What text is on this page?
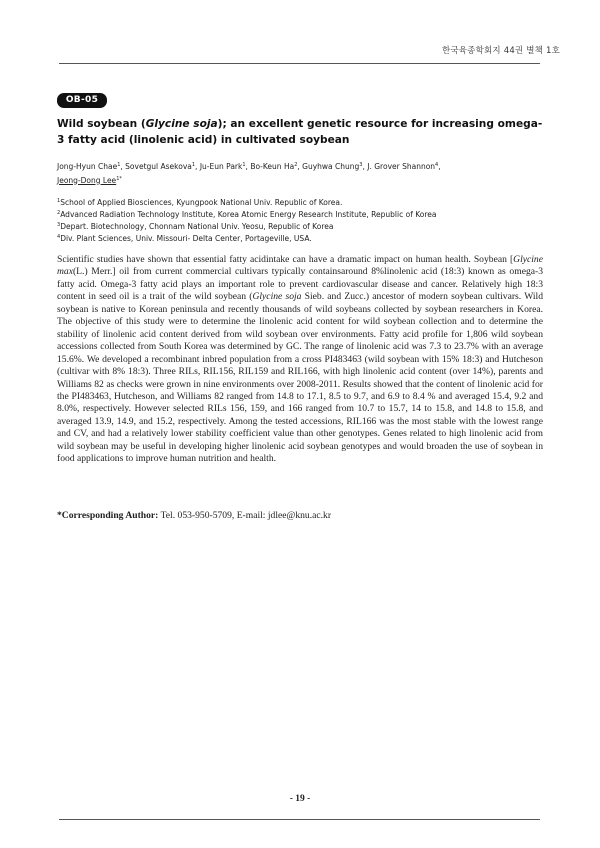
한국육종학회지 44권 별책 1호
OB-05
Wild soybean (Glycine soja); an excellent genetic resource for increasing omega-3 fatty acid (linolenic acid) in cultivated soybean
Jong-Hyun Chae$^1$, Sovetgul Asekova$^1$, Ju-Eun Park$^1$, Bo-Keun Ha$^2$, Guyhwa Chung$^3$, J. Grover Shannon$^4$,
Jeong-Dong Lee$^{1*}$
$^1$School of Applied Biosciences, Kyungpook National Univ. Republic of Korea.
$^2$Advanced Radiation Technology Institute, Korea Atomic Energy Research Institute, Republic of Korea
$^3$Depart. Biotechnology, Chonnam National Univ. Yeosu, Republic of Korea
$^4$Div. Plant Sciences, Univ. Missouri- Delta Center, Portageville, USA.

Scientific studies have shown that essential fatty acidintake can have a dramatic impact on human health. Soybean [Glycine max(L.) Merr.] oil from current commercial cultivars typically containsaround 8%linolenic acid (18:3) known as omega-3 fatty acid. Omega-3 fatty acid plays an important role to prevent cardiovascular disease and cancer. Relatively high 18:3 content in seed oil is a trait of the wild soybean (Glycine soja Sieb. and Zucc.) ancestor of modern soybean cultivars. Wild soybean is native to Korean peninsula and recently thousands of wild soybeans collected by soybean researchers in Korea. The objective of this study were to determine the linolenic acid content for wild soybean collection and to determine the stability of linolenic acid content derived from wild soybean over environments. Fatty acid profile for 1,806 wild soybean accessions collected from South Korea was determined by GC. The range of linolenic acid was 7.3 to 23.7% with an average 15.6%. We developed a recombinant inbred population from a cross PI483463 (wild soybean with 15% 18:3) and Hutcheson (cultivar with 8% 18:3). Three RILs, RIL156, RIL159 and RIL166, with high linolenic acid content (over 14%), parents and Williams 82 as checks were grown in nine environments over 2008-2011. Results showed that the content of linolenic acid for the PI483463, Hutcheson, and Williams 82 ranged from 14.8 to 17.1, 8.5 to 9.7, and 6.9 to 8.4 % and averaged 15.4, 9.2 and 8.0%, respectively. However selected RILs 156, 159, and 166 ranged from 10.7 to 15.7, 14 to 15.8, and 14.8 to 15.8, and averaged 13.9, 14.9, and 15.2, respectively. Among the tested accessions, RIL166 was the most stable with the lowest range and CV, and had a relatively lower stability coefficient value than other genotypes. Genes related to high linolenic acid from wild soybean may be useful in developing higher linolenic acid soybean genotypes and would broaden the use of soybean in food applications to improve human nutrition and health.

*Corresponding Author: Tel. 053-950-5709, E-mail: jdlee@knu.ac.kr
- 19 -
